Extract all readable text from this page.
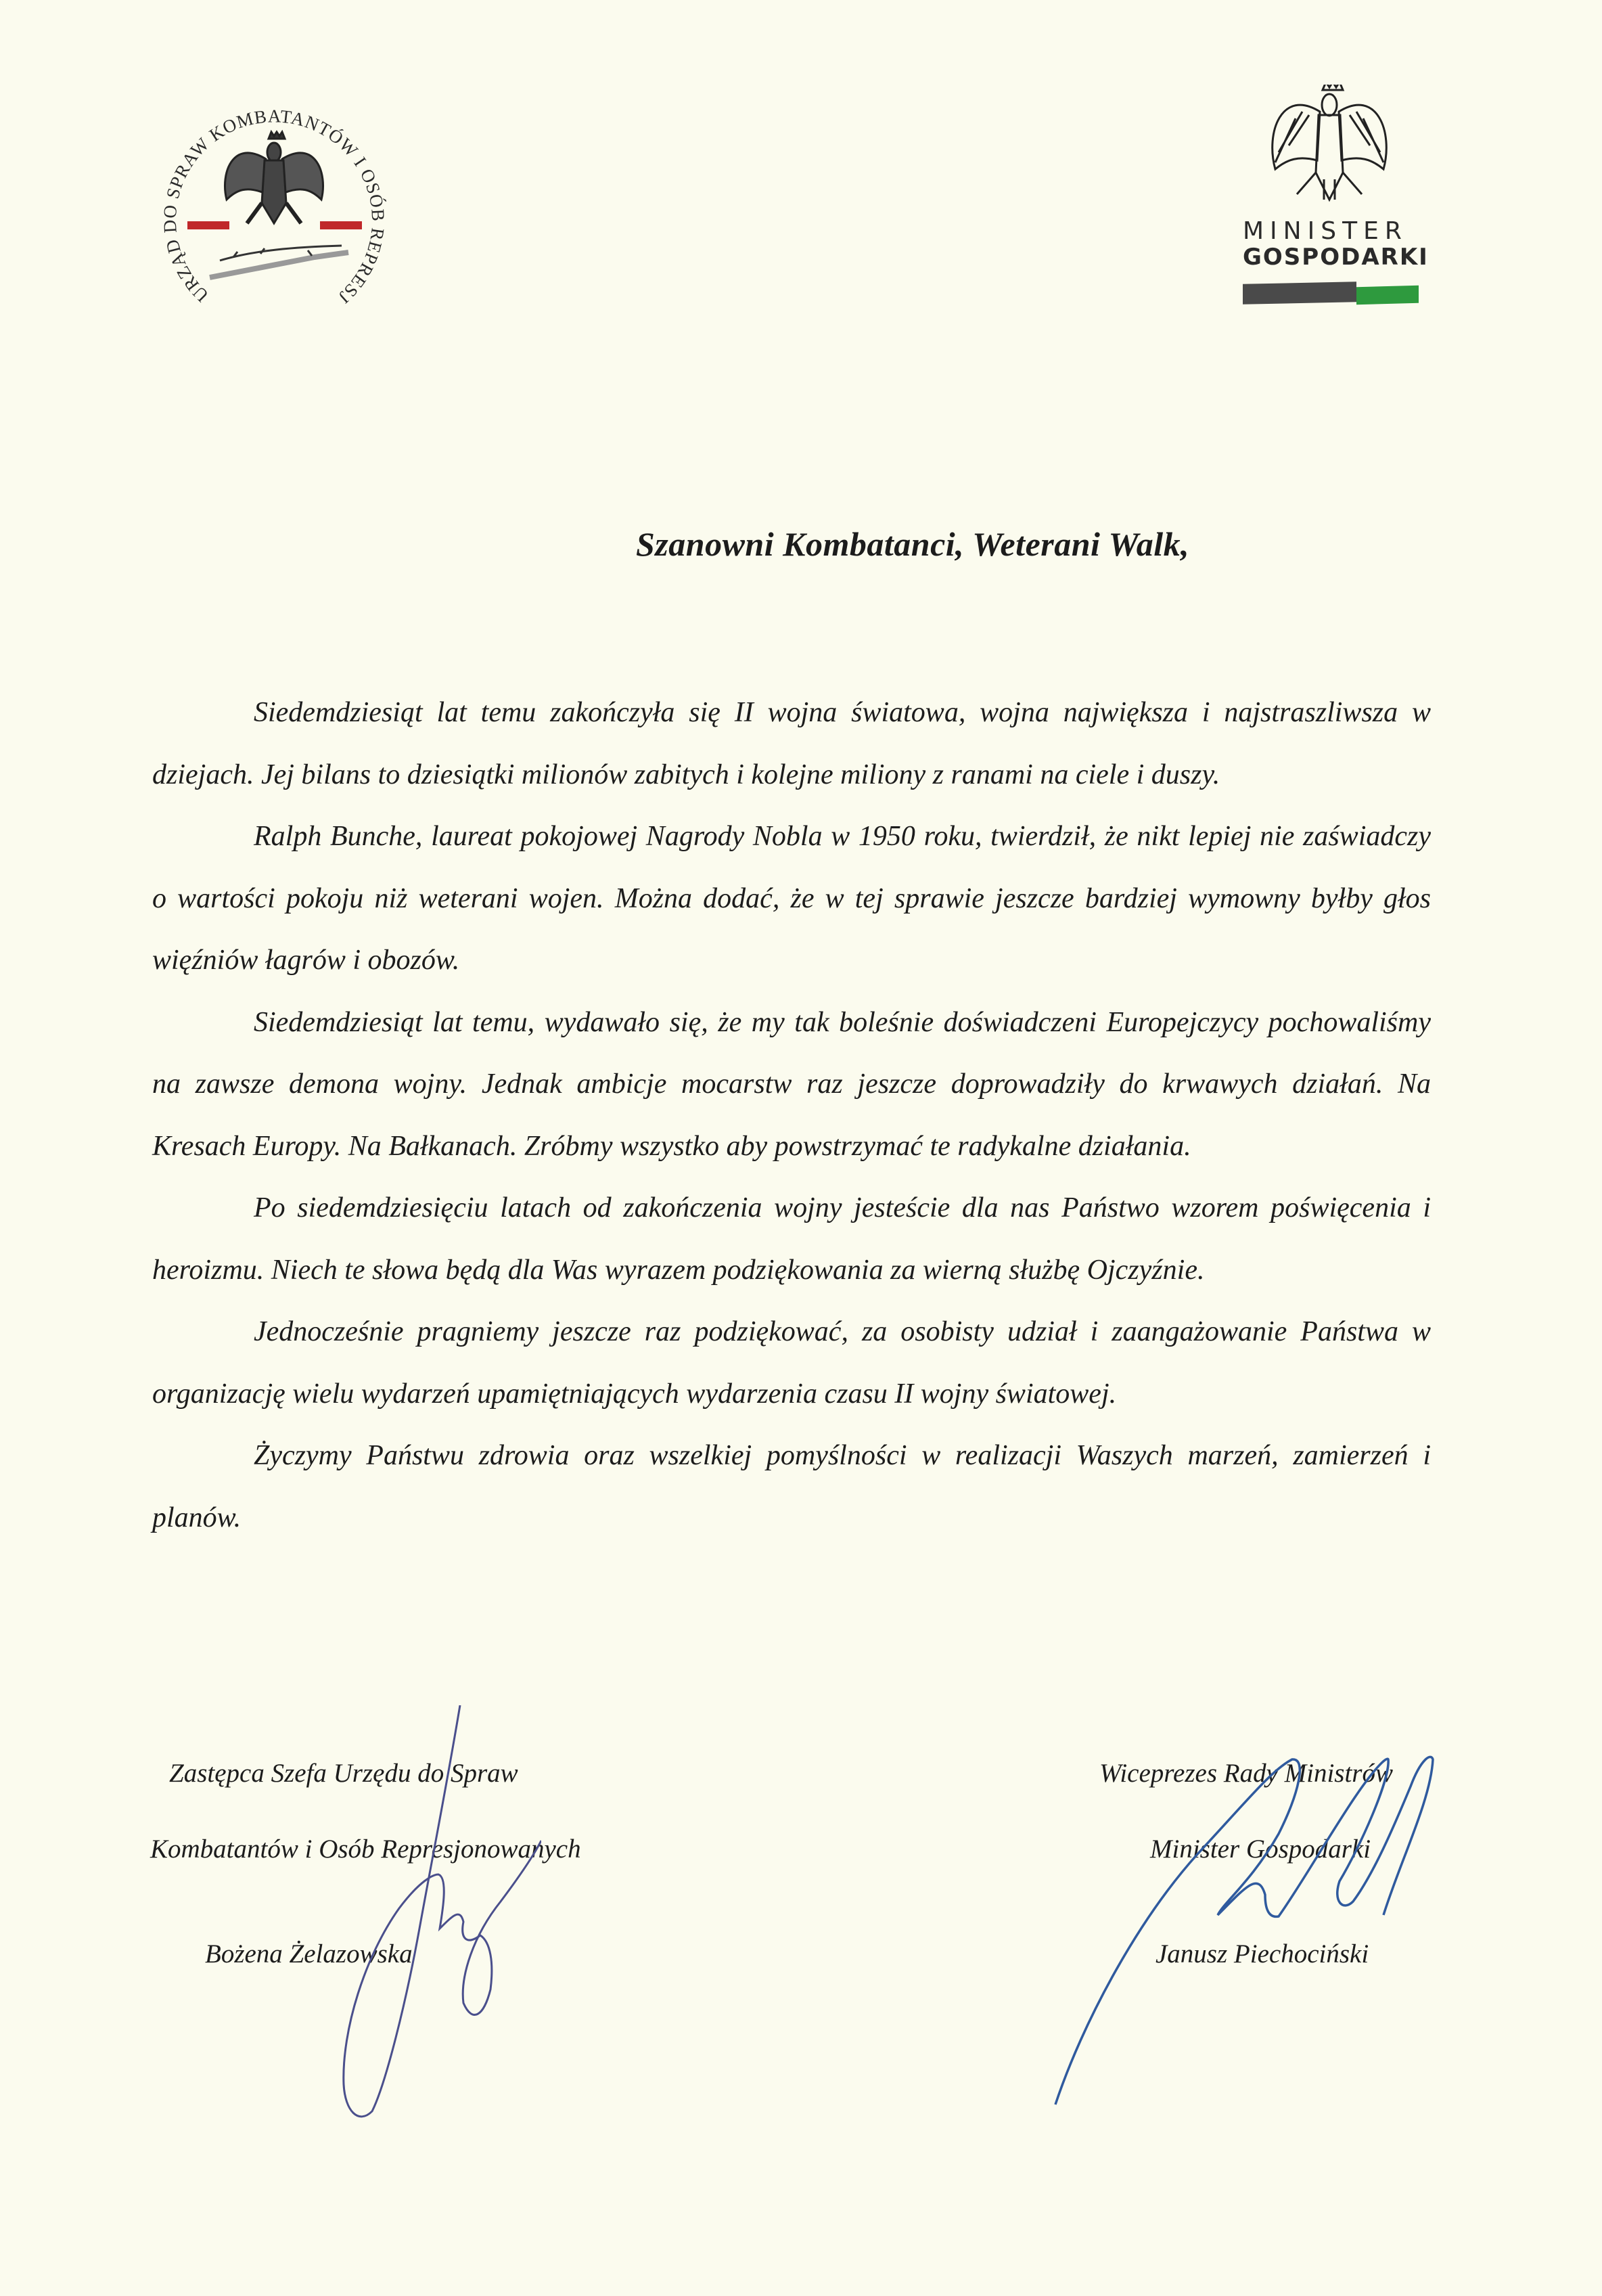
URZĄD DO SPRAW KOMBATANTÓW I OSÓB REPRESJ
MINISTER
GOSPODARKI
Szanowni Kombatanci, Weterani Walk,

Siedemdziesiąt lat temu zakończyła się II wojna światowa, wojna największa i najstraszliwsza w dziejach. Jej bilans to dziesiątki milionów zabitych i kolejne miliony z ranami na ciele i duszy.

Ralph Bunche, laureat pokojowej Nagrody Nobla w 1950 roku, twierdził, że nikt lepiej nie zaświadczy o wartości pokoju niż weterani wojen. Można dodać, że w tej sprawie jeszcze bardziej wymowny byłby głos więźniów łagrów i obozów.

Siedemdziesiąt lat temu, wydawało się, że my tak boleśnie doświadczeni Europejczycy pochowaliśmy na zawsze demona wojny. Jednak ambicje mocarstw raz jeszcze doprowadziły do krwawych działań. Na Kresach Europy. Na Bałkanach. Zróbmy wszystko aby powstrzymać te radykalne działania.

Po siedemdziesięciu latach od zakończenia wojny jesteście dla nas Państwo wzorem poświęcenia i heroizmu. Niech te słowa będą dla Was wyrazem podziękowania za wierną służbę Ojczyźnie.

Jednocześnie pragniemy jeszcze raz podziękować, za osobisty udział i zaangażowanie Państwa w organizację wielu wydarzeń upamiętniających wydarzenia czasu II wojny światowej.

Życzymy Państwu zdrowia oraz wszelkiej pomyślności w realizacji Waszych marzeń, zamierzeń i planów.

Zastępca Szefa Urzędu do Spraw
Kombatantów i Osób Represjonowanych
Bożena Żelazowska
Wiceprezes Rady Ministrów
Minister Gospodarki
Janusz Piechociński
